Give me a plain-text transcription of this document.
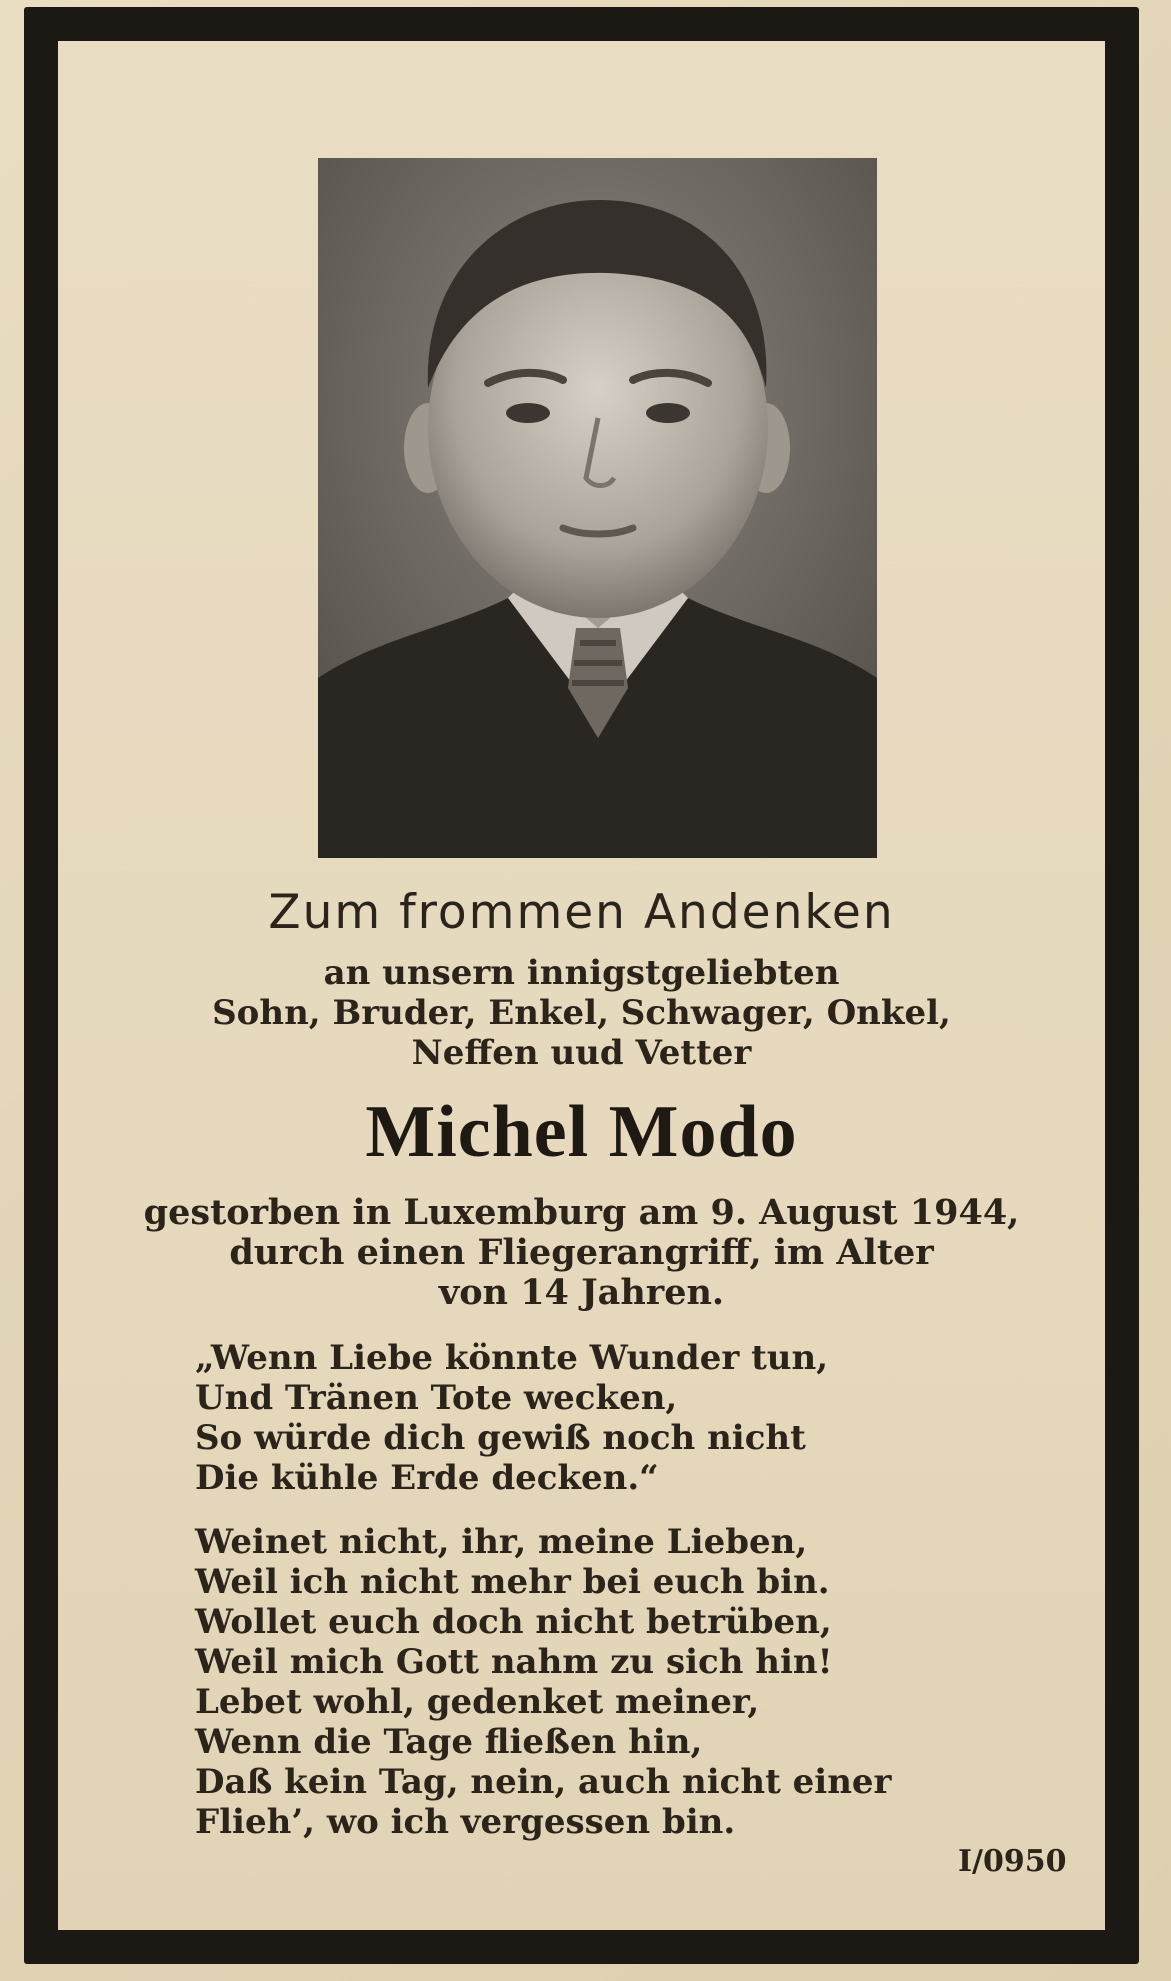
Zum frommen Andenken
an unsern innigstgeliebten
Sohn, Bruder, Enkel, Schwager, Onkel,
Neffen uud Vetter
Michel Modo
gestorben in Luxemburg am 9. August 1944,
durch einen Fliegerangriff, im Alter
von 14 Jahren.
„Wenn Liebe könnte Wunder tun,
Und Tränen Tote wecken,
So würde dich gewiß noch nicht
Die kühle Erde decken.“
Weinet nicht, ihr, meine Lieben,
Weil ich nicht mehr bei euch bin.
Wollet euch doch nicht betrüben,
Weil mich Gott nahm zu sich hin!
Lebet wohl, gedenket meiner,
Wenn die Tage fließen hin,
Daß kein Tag, nein, auch nicht einer
Flieh’, wo ich vergessen bin.
I/0950
